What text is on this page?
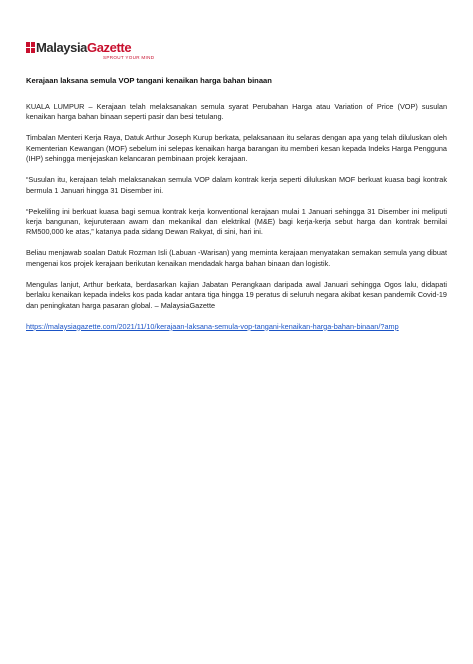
MalaysiaGazette
SPROUT YOUR MIND
Kerajaan laksana semula VOP tangani kenaikan harga bahan binaan

KUALA LUMPUR – Kerajaan telah melaksanakan semula syarat Perubahan Harga atau Variation of Price (VOP) susulan kenaikan harga bahan binaan seperti pasir dan besi tetulang.

Timbalan Menteri Kerja Raya, Datuk Arthur Joseph Kurup berkata, pelaksanaan itu selaras dengan apa yang telah diluluskan oleh Kementerian Kewangan (MOF) sebelum ini selepas kenaikan harga barangan itu memberi kesan kepada Indeks Harga Pengguna (IHP) sehingga menjejaskan kelancaran pembinaan projek kerajaan.

“Susulan itu, kerajaan telah melaksanakan semula VOP dalam kontrak kerja seperti diluluskan MOF berkuat kuasa bagi kontrak bermula 1 Januari hingga 31 Disember ini.

“Pekeliling ini berkuat kuasa bagi semua kontrak kerja konventional kerajaan mulai 1 Januari sehingga 31 Disember ini meliputi kerja bangunan, kejuruteraan awam dan mekanikal dan elektrikal (M&E) bagi kerja-kerja sebut harga dan kontrak bernilai RM500,000 ke atas,” katanya pada sidang Dewan Rakyat, di sini, hari ini.

Beliau menjawab soalan Datuk Rozman Isli (Labuan -Warisan) yang meminta kerajaan menyatakan semakan semula yang dibuat mengenai kos projek kerajaan berikutan kenaikan mendadak harga bahan binaan dan logistik.

Mengulas lanjut, Arthur berkata, berdasarkan kajian Jabatan Perangkaan daripada awal Januari sehingga Ogos lalu, didapati berlaku kenaikan kepada indeks kos pada kadar antara tiga hingga 19 peratus di seluruh negara akibat kesan pandemik Covid-19 dan peningkatan harga pasaran global. – MalaysiaGazette

https://malaysiagazette.com/2021/11/10/kerajaan-laksana-semula-vop-tangani-kenaikan-harga-bahan-binaan/?amp
